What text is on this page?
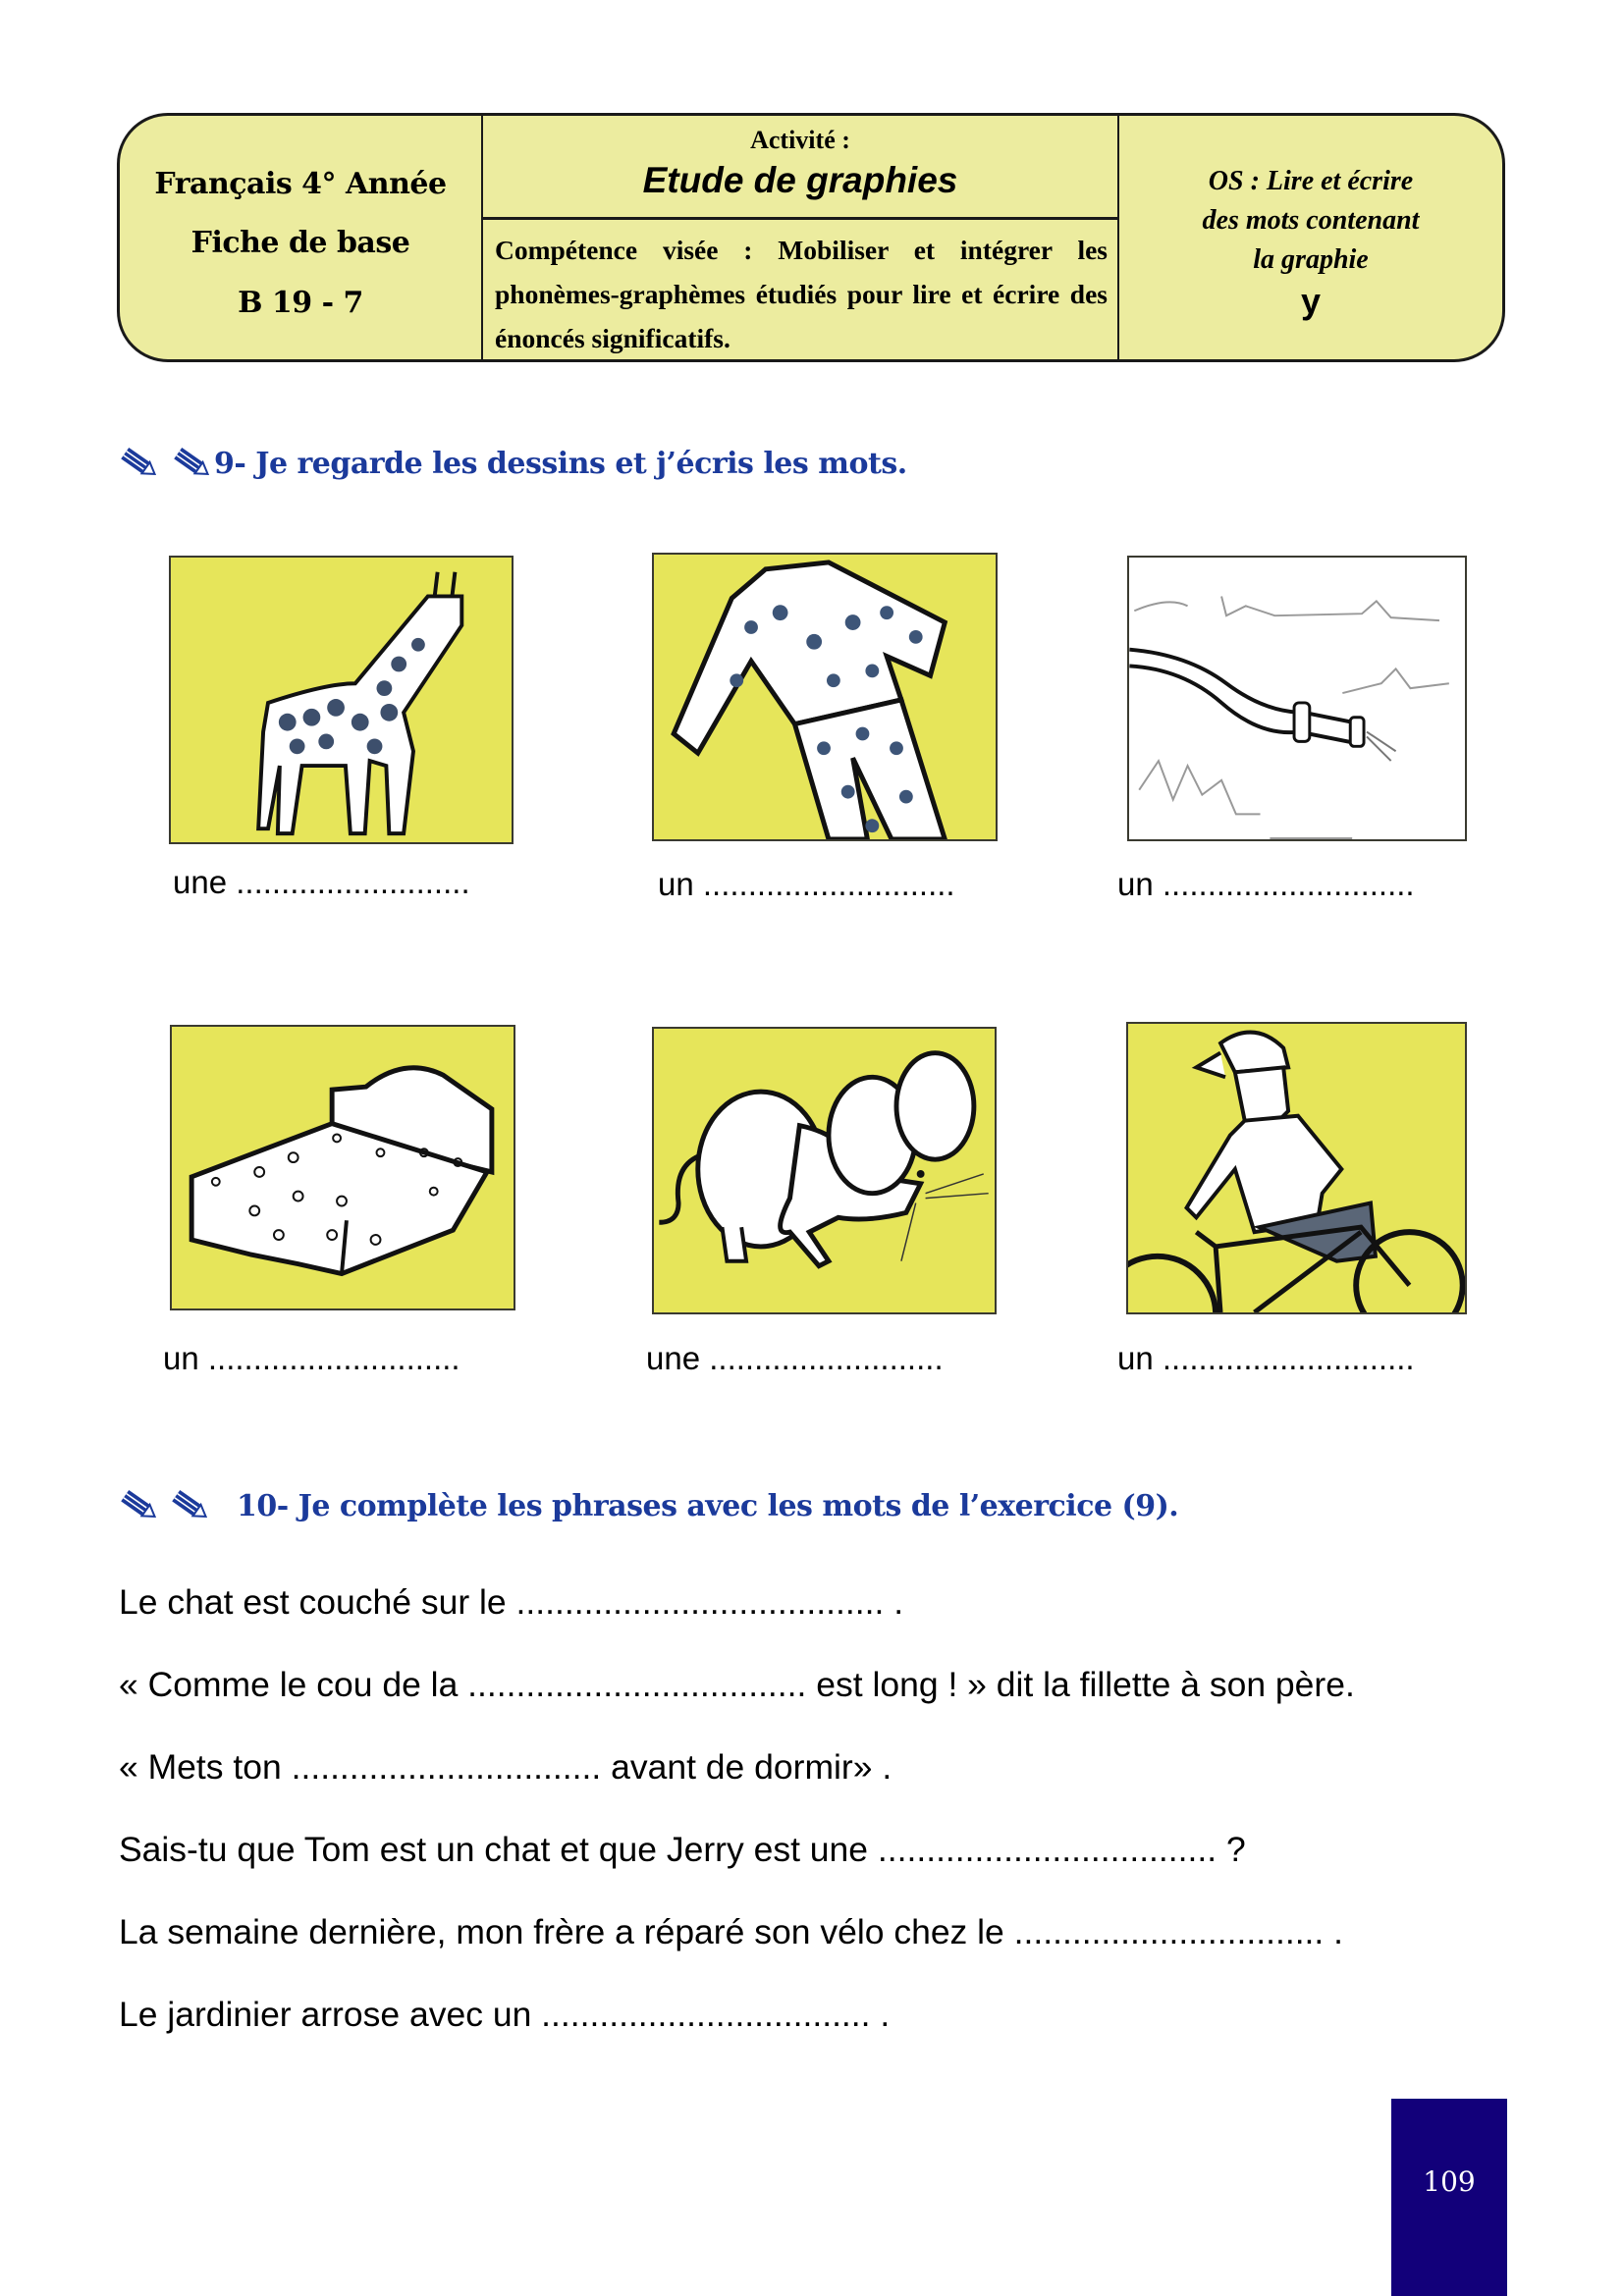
Français 4° Année
Fiche de base
B 19 - 7
Activité :
Etude de graphies
Compétence visée : Mobiliser et intégrer les phonèmes-graphèmes étudiés pour lire et écrire des énoncés significatifs.
OS : Lire et écrire
des mots contenant
la graphie
y
9- Je regarde les dessins et j’écris les mots.
une ..........................	un ............................	un ............................
un ............................	une ..........................	un ............................
10- Je complète les phrases avec les mots de l’exercice (9).
Le chat est couché sur le ...................................... .
« Comme le cou de la ................................... est long ! » dit la fillette à son père.
« Mets ton ................................ avant de dormir» .
Sais-tu que Tom est un chat et que Jerry est une ................................... ?
La semaine dernière, mon frère a réparé son vélo chez le ................................ .
Le jardinier arrose avec un .................................. .
109
